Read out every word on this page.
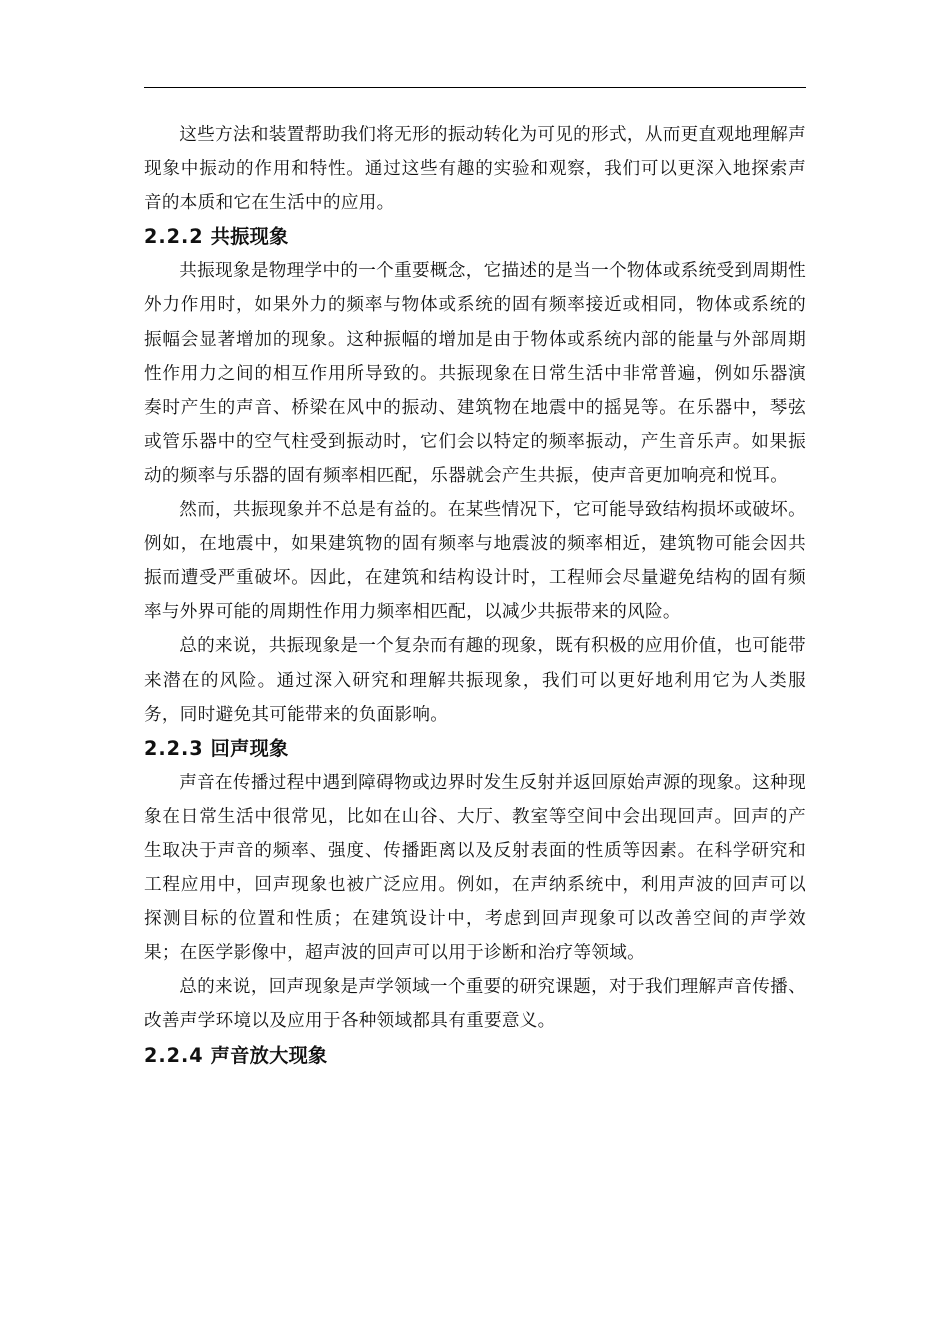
这些方法和装置帮助我们将无形的振动转化为可见的形式，从而更直观地理解声现象中振动的作用和特性。通过这些有趣的实验和观察，我们可以更深入地探索声音的本质和它在生活中的应用。

2.2.2 共振现象

共振现象是物理学中的一个重要概念，它描述的是当一个物体或系统受到周期性外力作用时，如果外力的频率与物体或系统的固有频率接近或相同，物体或系统的振幅会显著增加的现象。这种振幅的增加是由于物体或系统内部的能量与外部周期性作用力之间的相互作用所导致的。共振现象在日常生活中非常普遍，例如乐器演奏时产生的声音、桥梁在风中的振动、建筑物在地震中的摇晃等。在乐器中，琴弦或管乐器中的空气柱受到振动时，它们会以特定的频率振动，产生音乐声。如果振动的频率与乐器的固有频率相匹配，乐器就会产生共振，使声音更加响亮和悦耳。

然而，共振现象并不总是有益的。在某些情况下，它可能导致结构损坏或破坏。例如，在地震中，如果建筑物的固有频率与地震波的频率相近，建筑物可能会因共振而遭受严重破坏。因此，在建筑和结构设计时，工程师会尽量避免结构的固有频率与外界可能的周期性作用力频率相匹配，以减少共振带来的风险。

总的来说，共振现象是一个复杂而有趣的现象，既有积极的应用价值，也可能带来潜在的风险。通过深入研究和理解共振现象，我们可以更好地利用它为人类服务，同时避免其可能带来的负面影响。

2.2.3 回声现象

声音在传播过程中遇到障碍物或边界时发生反射并返回原始声源的现象。这种现象在日常生活中很常见，比如在山谷、大厅、教室等空间中会出现回声。回声的产生取决于声音的频率、强度、传播距离以及反射表面的性质等因素。在科学研究和工程应用中，回声现象也被广泛应用。例如，在声纳系统中，利用声波的回声可以探测目标的位置和性质；在建筑设计中，考虑到回声现象可以改善空间的声学效果；在医学影像中，超声波的回声可以用于诊断和治疗等领域。

总的来说，回声现象是声学领域一个重要的研究课题，对于我们理解声音传播、改善声学环境以及应用于各种领域都具有重要意义。

2.2.4 声音放大现象
